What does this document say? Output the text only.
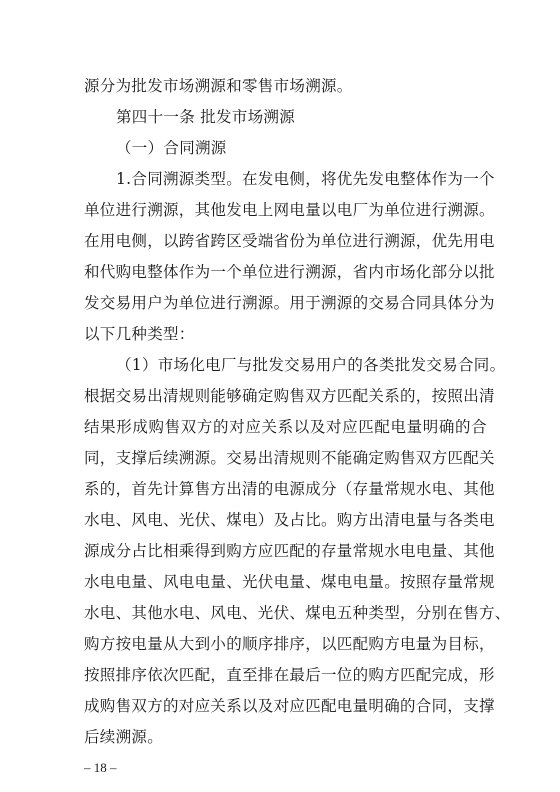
源分为批发市场溯源和零售市场溯源。
第四十一条 批发市场溯源
（一）合同溯源
1.合同溯源类型。在发电侧，将优先发电整体作为一个
单位进行溯源，其他发电上网电量以电厂为单位进行溯源。
在用电侧，以跨省跨区受端省份为单位进行溯源，优先用电
和代购电整体作为一个单位进行溯源，省内市场化部分以批
发交易用户为单位进行溯源。用于溯源的交易合同具体分为
以下几种类型：
（1）市场化电厂与批发交易用户的各类批发交易合同。
根据交易出清规则能够确定购售双方匹配关系的，按照出清
结果形成购售双方的对应关系以及对应匹配电量明确的合
同，支撑后续溯源。交易出清规则不能确定购售双方匹配关
系的，首先计算售方出清的电源成分（存量常规水电、其他
水电、风电、光伏、煤电）及占比。购方出清电量与各类电
源成分占比相乘得到购方应匹配的存量常规水电电量、其他
水电电量、风电电量、光伏电量、煤电电量。按照存量常规
水电、其他水电、风电、光伏、煤电五种类型，分别在售方、
购方按电量从大到小的顺序排序，以匹配购方电量为目标，
按照排序依次匹配，直至排在最后一位的购方匹配完成，形
成购售双方的对应关系以及对应匹配电量明确的合同，支撑
后续溯源。
– 18 –
